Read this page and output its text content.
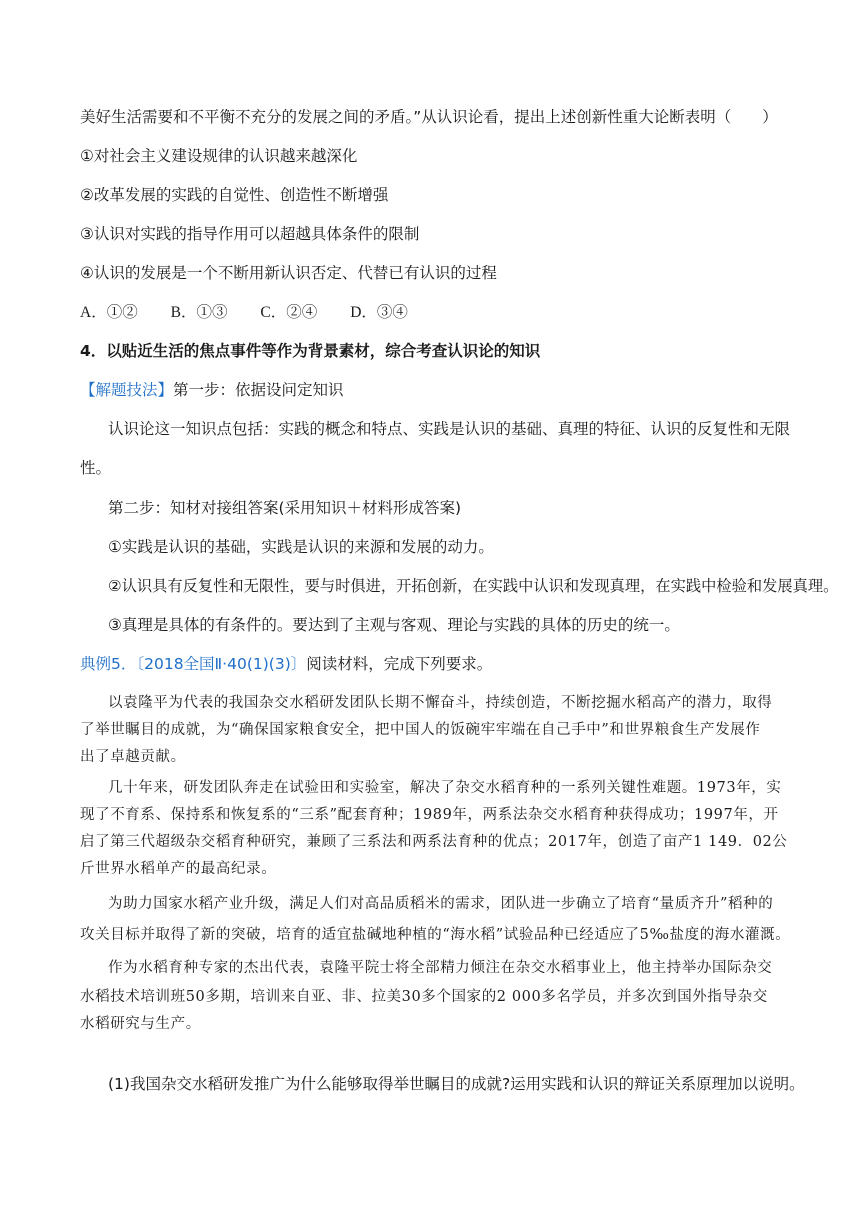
美好生活需要和不平衡不充分的发展之间的矛盾。”从认识论看，提出上述创新性重大论断表明（　　）
①对社会主义建设规律的认识越来越深化
②改革发展的实践的自觉性、创造性不断增强
③认识对实践的指导作用可以超越具体条件的限制
④认识的发展是一个不断用新认识否定、代替已有认识的过程
A．①② B．①③ C．②④ D．③④
4．以贴近生活的焦点事件等作为背景素材，综合考查认识论的知识
【解题技法】第一步：依据设问定知识
认识论这一知识点包括：实践的概念和特点、实践是认识的基础、真理的特征、认识的反复性和无限
性。
第二步：知材对接组答案(采用知识＋材料形成答案)
①实践是认识的基础，实践是认识的来源和发展的动力。
②认识具有反复性和无限性，要与时俱进，开拓创新，在实践中认识和发现真理，在实践中检验和发展真理。
③真理是具体的有条件的。要达到了主观与客观、理论与实践的具体的历史的统一。
典例5．〔2018全国Ⅱ·40(1)(3)〕阅读材料，完成下列要求。
以袁隆平为代表的我国杂交水稻研发团队长期不懈奋斗，持续创造，不断挖掘水稻高产的潜力，取得
了举世瞩目的成就，为“确保国家粮食安全，把中国人的饭碗牢牢端在自己手中”和世界粮食生产发展作
出了卓越贡献。
几十年来，研发团队奔走在试验田和实验室，解决了杂交水稻育种的一系列关键性难题。1973年，实
现了不育系、保持系和恢复系的“三系”配套育种；1989年，两系法杂交水稻育种获得成功；1997年，开
启了第三代超级杂交稻育种研究，兼顾了三系法和两系法育种的优点；2017年，创造了亩产1 149．02公
斤世界水稻单产的最高纪录。
为助力国家水稻产业升级，满足人们对高品质稻米的需求，团队进一步确立了培育“量质齐升”稻种的
攻关目标并取得了新的突破，培育的适宜盐碱地种植的“海水稻”试验品种已经适应了5‰盐度的海水灌溉。
作为水稻育种专家的杰出代表，袁隆平院士将全部精力倾注在杂交水稻事业上，他主持举办国际杂交
水稻技术培训班50多期，培训来自亚、非、拉美30多个国家的2 000多名学员，并多次到国外指导杂交
水稻研究与生产。
(1)我国杂交水稻研发推广为什么能够取得举世瞩目的成就?运用实践和认识的辩证关系原理加以说明。
